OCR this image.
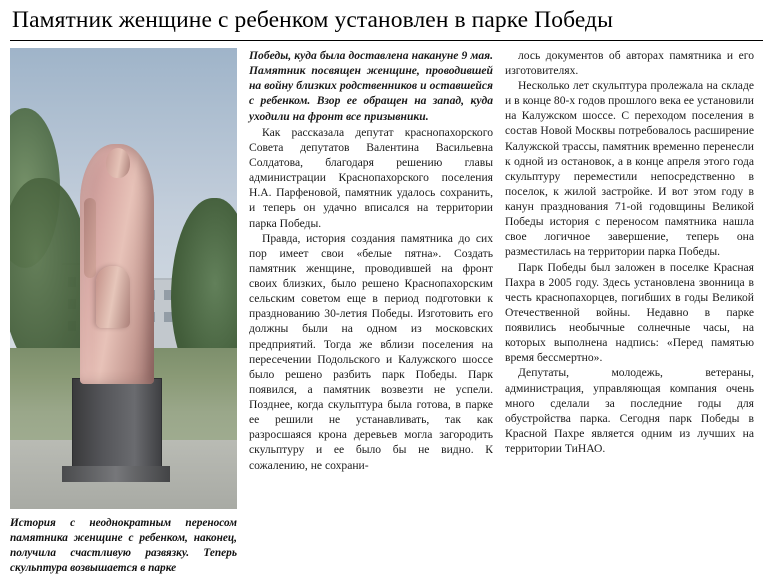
Памятник женщине с ребенком установлен в парке Победы
История с неоднократным переносом памятника женщине с ребенком, наконец, получила счастливую развязку. Теперь скульптура возвышается в парке

Победы, куда была доставлена накануне 9 мая. Памятник посвящен женщине, проводившей на войну близких родственников и оставшейся с ребенком. Взор ее обращен на запад, куда уходили на фронт все призывники.

Как рассказала депутат краснопахорского Совета депутатов Валентина Васильевна Солдатова, благодаря решению главы администрации Краснопахорского поселения Н.А. Парфеновой, памятник удалось сохранить, и теперь он удачно вписался на территории парка Победы.

Правда, история создания памятника до сих пор имеет свои «белые пятна». Создать памятник женщине, проводившей на фронт своих близких, было решено Краснопахорским сельским советом еще в период подготовки к празднованию 30-летия Победы. Изготовить его должны были на одном из московских предприятий. Тогда же вблизи поселения на пересечении Подольского и Калужского шоссе было решено разбить парк Победы. Парк появился, а памятник возвезти не успели. Позднее, когда скульптура была готова, в парке ее решили не устанавливать, так как разросшаяся крона деревьев могла загородить скульптуру и ее было бы не видно. К сожалению, не сохрани-

лось документов об авторах памятника и его изготовителях.

Несколько лет скульптура пролежала на складе и в конце 80-х годов прошлого века ее установили на Калужском шоссе. С переходом поселения в состав Новой Москвы потребовалось расширение Калужской трассы, памятник временно перенесли к одной из остановок, а в конце апреля этого года скульптуру переместили непосредственно в поселок, к жилой застройке. И вот этом году в канун празднования 71-ой годовщины Великой Победы история с переносом памятника нашла свое логичное завершение, теперь она разместилась на территории парка Победы.

Парк Победы был заложен в поселке Красная Пахра в 2005 году. Здесь установлена звонница в честь краснопахорцев, погибших в годы Великой Отечественной войны. Недавно в парке появились необычные солнечные часы, на которых выполнена надпись: «Перед памятью время бессмертно».

Депутаты, молодежь, ветераны, администрация, управляющая компания очень много сделали за последние годы для обустройства парка. Сегодня парк Победы в Красной Пахре является одним из лучших на территории ТиНАО.
